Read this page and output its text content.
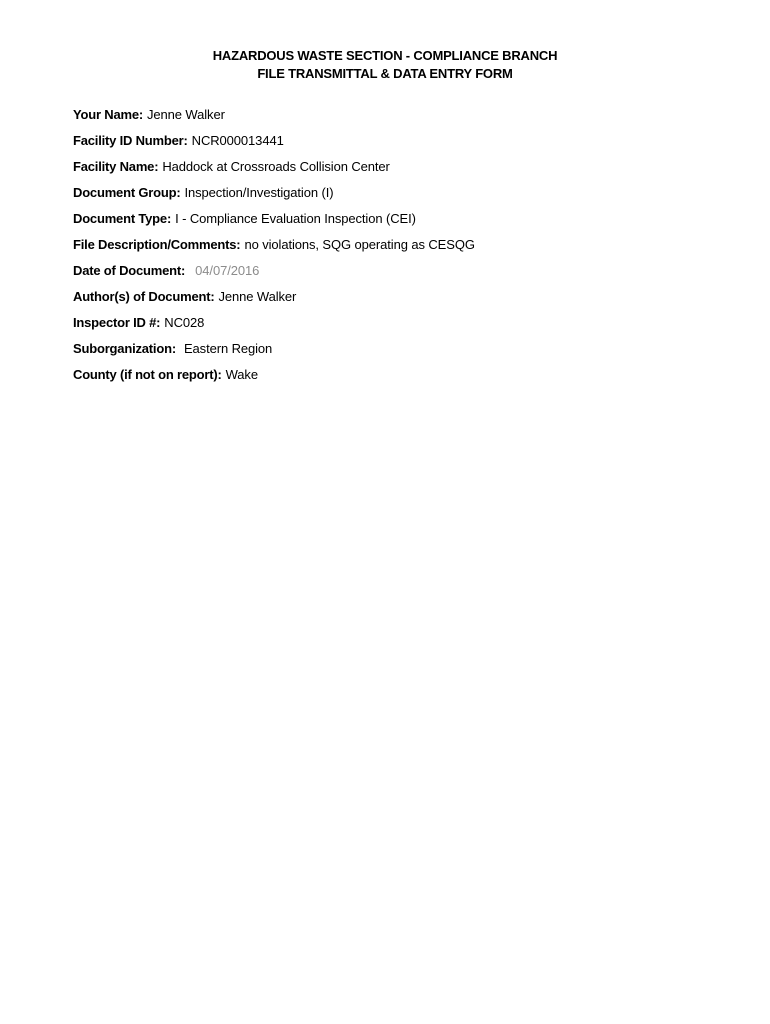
HAZARDOUS WASTE SECTION - COMPLIANCE BRANCH
FILE TRANSMITTAL & DATA ENTRY FORM
Your Name: Jenne Walker
Facility ID Number: NCR000013441
Facility Name: Haddock at Crossroads Collision Center
Document Group: Inspection/Investigation (I)
Document Type: I - Compliance Evaluation Inspection (CEI)
File Description/Comments: no violations, SQG operating as CESQG
Date of Document: 04/07/2016
Author(s) of Document: Jenne Walker
Inspector ID #: NC028
Suborganization: Eastern Region
County (if not on report): Wake
